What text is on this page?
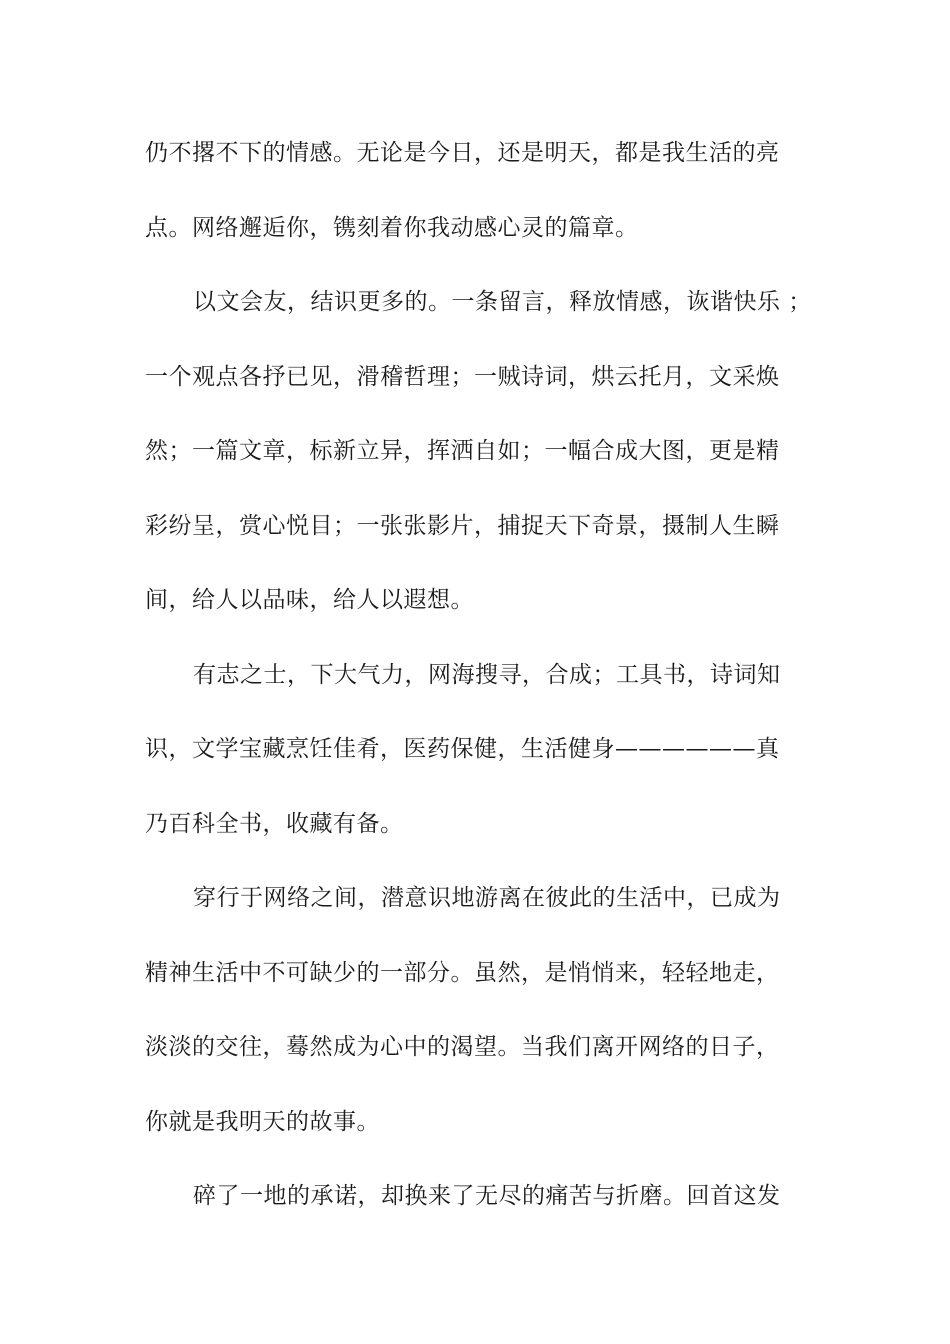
仍不撂不下的情感。无论是今日，还是明天，都是我生活的亮
点。网络邂逅你，镌刻着你我动感心灵的篇章。
以文会友，结识更多的。一条留言，释放情感，诙谐快乐 ；
一个观点各抒已见，滑稽哲理；一贼诗词，烘云托月，文采焕
然；一篇文章，标新立异，挥洒自如；一幅合成大图，更是精
彩纷呈，赏心悦目；一张张影片，捕捉天下奇景，摄制人生瞬
间，给人以品味，给人以遐想。
有志之士，下大气力，网海搜寻，合成；工具书，诗词知
识，文学宝藏烹饪佳肴，医药保健，生活健身——————真
乃百科全书，收藏有备。
穿行于网络之间，潜意识地游离在彼此的生活中，已成为
精神生活中不可缺少的一部分。虽然，是悄悄来，轻轻地走，
淡淡的交往，蓦然成为心中的渴望。当我们离开网络的日子，
你就是我明天的故事。
碎了一地的承诺，却换来了无尽的痛苦与折磨。回首这发
